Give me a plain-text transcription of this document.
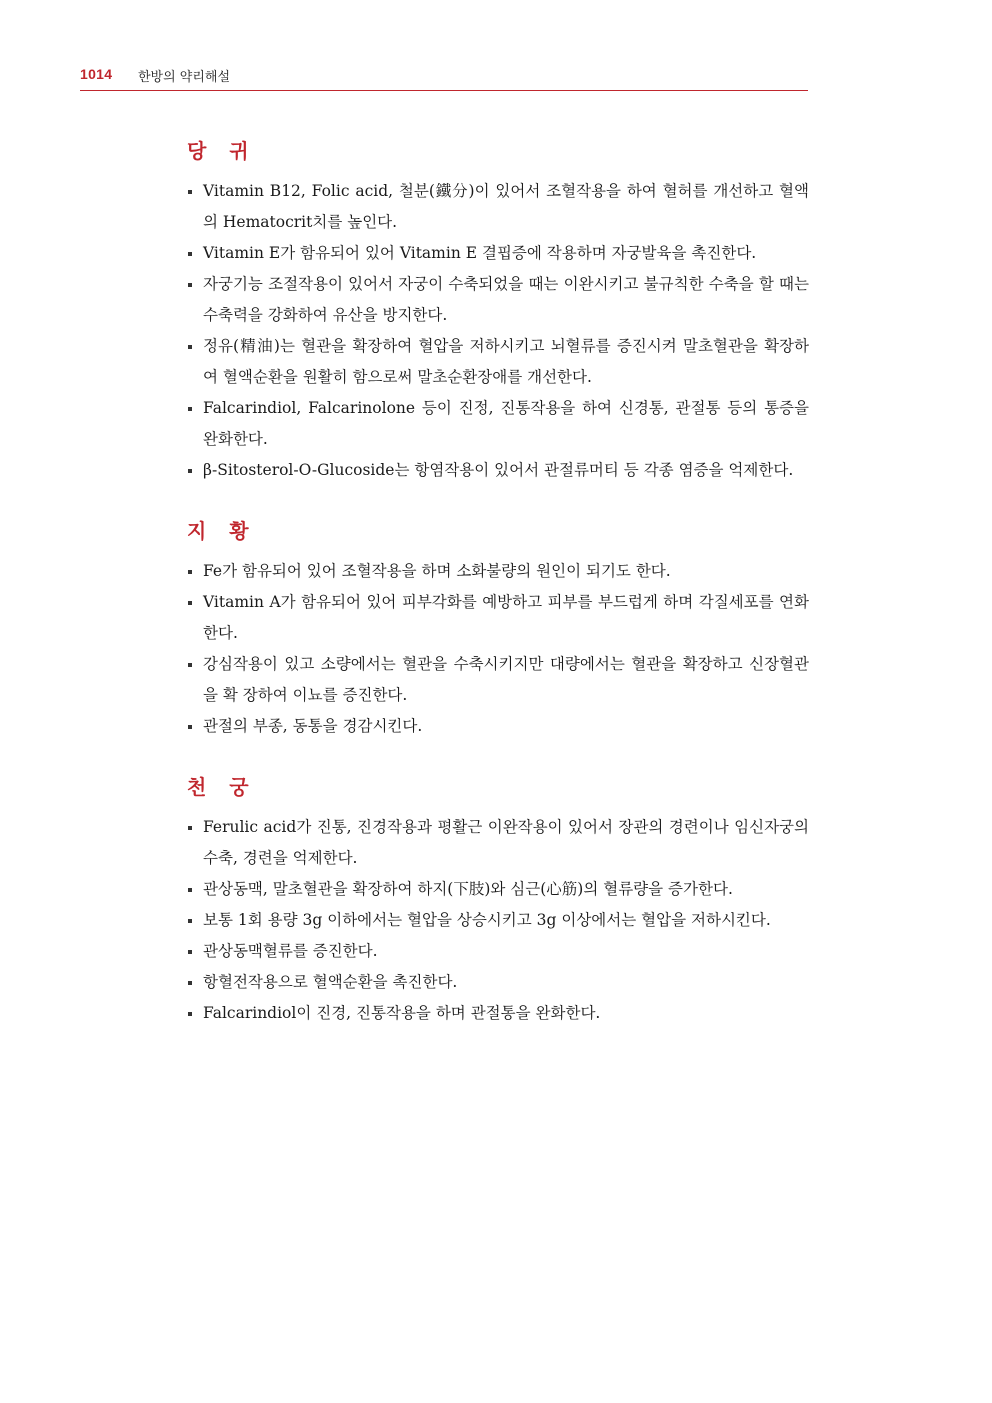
1014 한방의 약리해설
당 귀

Vitamin B12, Folic acid, 철분(鐵分)이 있어서 조혈작용을 하여 혈허를 개선하고 혈액의 Hematocrit치를 높인다.

Vitamin E가 함유되어 있어 Vitamin E 결핍증에 작용하며 자궁발육을 촉진한다.

자궁기능 조절작용이 있어서 자궁이 수축되었을 때는 이완시키고 불규칙한 수축을 할 때는 수축력을 강화하여 유산을 방지한다.

정유(精油)는 혈관을 확장하여 혈압을 저하시키고 뇌혈류를 증진시켜 말초혈관을 확장하여 혈액순환을 원활히 함으로써 말초순환장애를 개선한다.

Falcarindiol, Falcarinolone 등이 진정, 진통작용을 하여 신경통, 관절통 등의 통증을 완화한다.

β-Sitosterol-O-Glucoside는 항염작용이 있어서 관절류머티 등 각종 염증을 억제한다.

지 황

Fe가 함유되어 있어 조혈작용을 하며 소화불량의 원인이 되기도 한다.

Vitamin A가 함유되어 있어 피부각화를 예방하고 피부를 부드럽게 하며 각질세포를 연화한다.

강심작용이 있고 소량에서는 혈관을 수축시키지만 대량에서는 혈관을 확장하고 신장혈관을 확 장하여 이뇨를 증진한다.

관절의 부종, 동통을 경감시킨다.

천 궁

Ferulic acid가 진통, 진경작용과 평활근 이완작용이 있어서 장관의 경련이나 임신자궁의 수축, 경련을 억제한다.

관상동맥, 말초혈관을 확장하여 하지(下肢)와 심근(心筋)의 혈류량을 증가한다.

보통 1회 용량 3g 이하에서는 혈압을 상승시키고 3g 이상에서는 혈압을 저하시킨다.

관상동맥혈류를 증진한다.

항혈전작용으로 혈액순환을 촉진한다.

Falcarindiol이 진경, 진통작용을 하며 관절통을 완화한다.
